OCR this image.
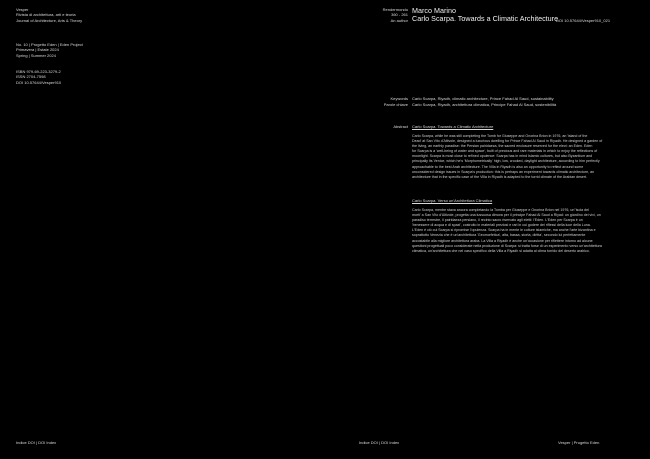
Vesper
Rivista di architettura, arti e teoria
Journal of Architecture, Arts & Theory
No. 10 | Progetto Eden | Eden Project
Primavera | Estate 2024
Spring | Summer 2024
ISBN 979-69-223-3279-2
ISSN 2704-7598
DOI 10.57644/Vesper910
Indice DOI | DOI Index
Rendermondo
360 - 261
An author
Marco Marino
Carlo Scarpa. Towards a Climatic Architecture
DOI 10.57644/Vesper910_021
Keywords Carlo Scarpa, Riyadh, climatic architecture, Prince Fahad Al Saud, sustainability
Parole chiave Carlo Scarpa, Riyadh, architettura climatica, Principe Fahad Al Saud, sostenibilità
Abstract Carlo Scarpa. Towards a Climatic Architecture
Carlo Scarpa, while he was still completing the Tomb for Giuseppe and Onorina Brion in 1976, an 'island of the
Dead' at San Vito d'Altivole, designed a luxurious dwelling for Prince Fahad Al Saud in Riyadh. He designed a garden of
the living, an earthly paradise: the Persian pairidaeza, the sacred enclosure reserved for the elect: an Eden. Eden
for Scarpa is a 'well-being of water and space', built of precious and rare materials in which to enjoy the reflections of
moonlight. Scarpa is most close to refined opulence: Scarpa has in mind Islamic cultures, but also Byzantium and
principally its Venice, which he's 'Morphometrically' high, low, crooked, daylight architecture, according to him perfectly
approachable to the best Arab architecture. The Villa in Riyadh is also an opportunity to reflect around some
unconsidered design issues in Scarpa's production: this is perhaps an experiment towards climatic architecture, an
architecture that in the specific case of the Villa in Riyadh is adapted to the torrid climate of the Arabian desert.
Carlo Scarpa. Verso un'Architettura Climatica
Carlo Scarpa, mentre stava ancora completando la Tomba per Giuseppe e Onorina Brion nel 1976, un''isola dei
morti' a San Vito d'Altivole, progetta una lussuosa dimora per il principe Fahad Al Saud a Riyad: un giardino dei vivi, un
paradiso terrestre, il pairidaeza persiano, il recinto sacro riservato agli eletti: l'Eden. L'Eden per Scarpa è un
'benessere di acqua e di spazi', costruito in materiali preziosi e rari in cui godere dei riflessi della luce della Luna.
L'Eden è ciò cui Scarpa si ripromise l'opulenza. Scarpa ha in mente le culture islamiche, ma anche l'arte bizantina e
soprattutto Venezia che è un'architettura 'Geomorfetica', alta, bassa, storta, diritta', secondo lui perfettamente
accostabile alla migliore architettura araba. La Villa a Riyadh è anche un'occasione per riflettere intorno ad alcune
questioni progettuali poco considerate nella produzione di Scarpa: si tratta forse di un esperimento verso un'architettura
climatica, un'architettura che nel caso specifico della Villa a Riyadh si adatta al clima torrido del deserto arabico.
Indice DOI | DOI Index	Vesper | Progetto Eden
